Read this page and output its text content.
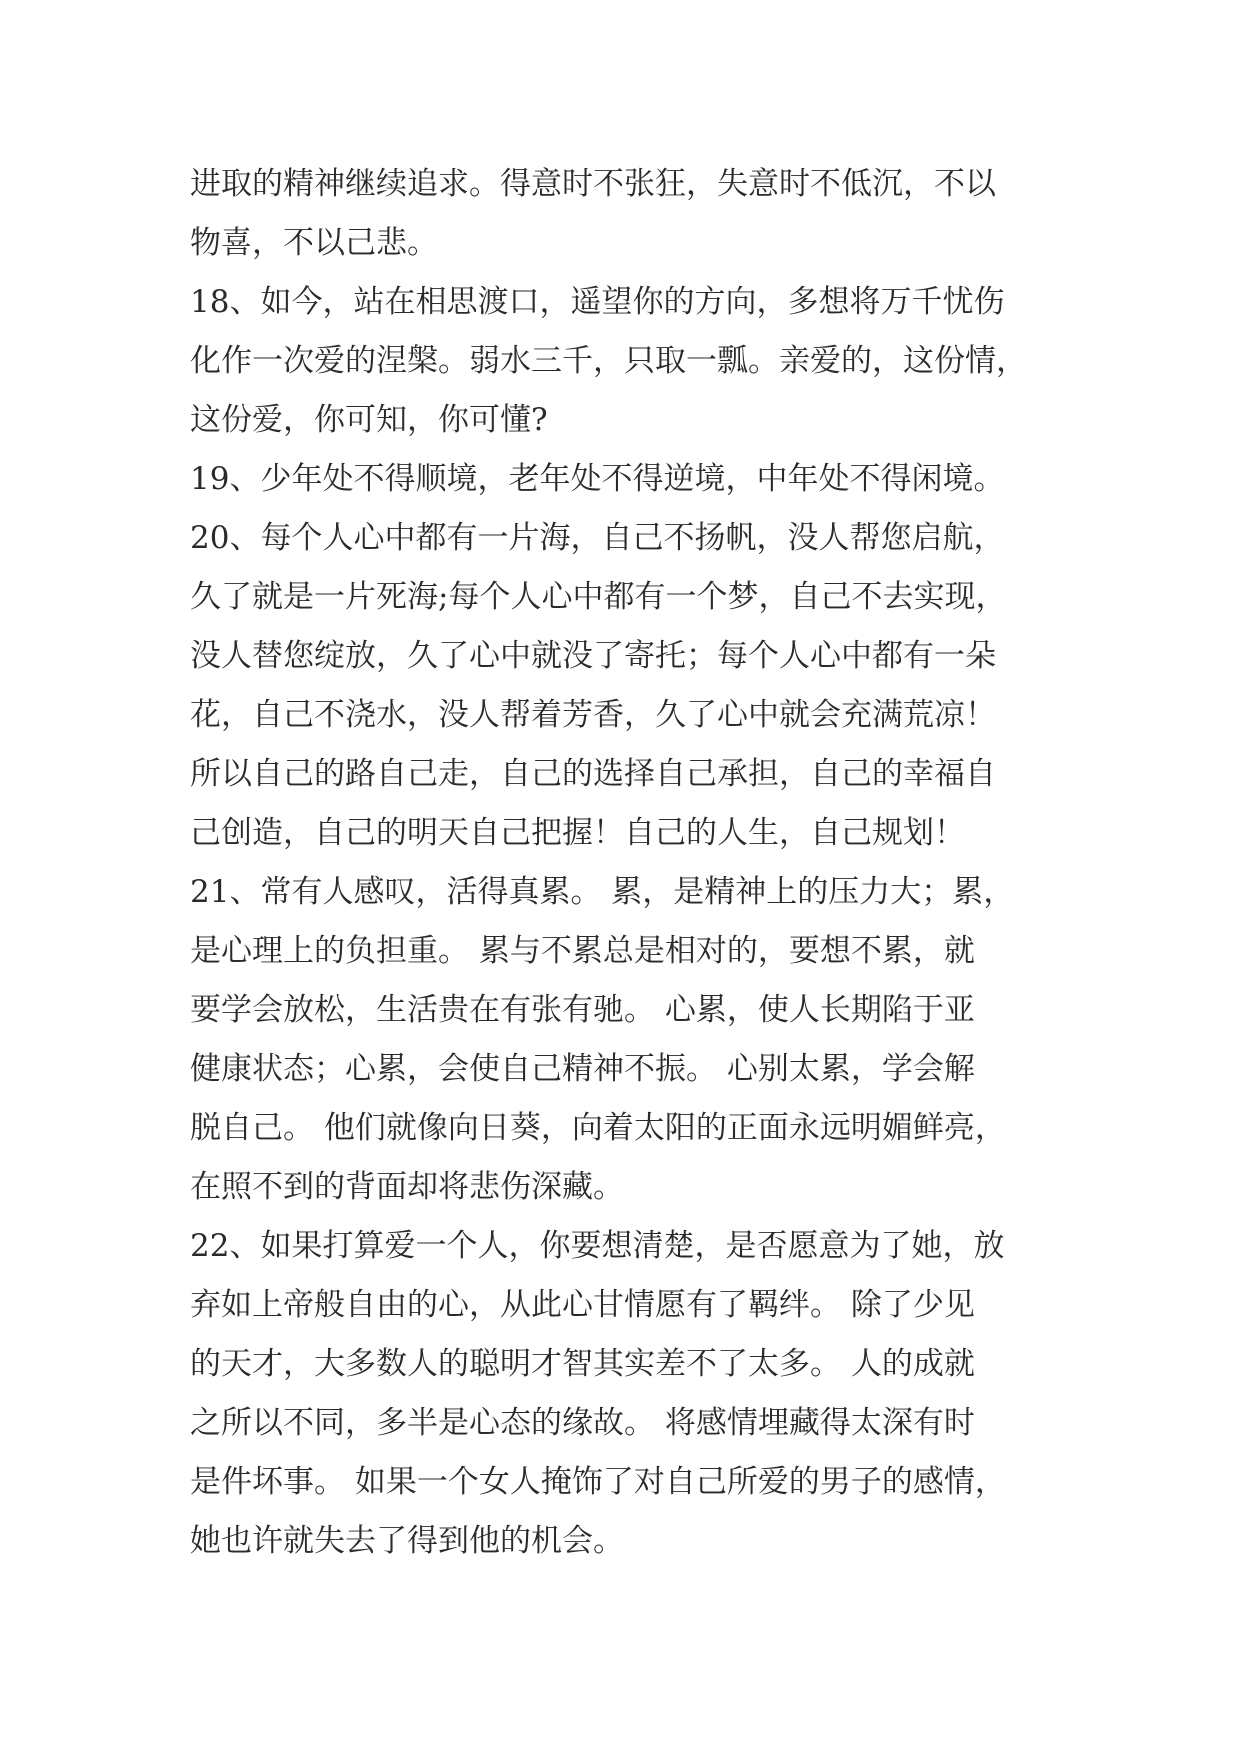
进取的精神继续追求。得意时不张狂，失意时不低沉，不以
物喜，不以己悲。
18、如今，站在相思渡口，遥望你的方向，多想将万千忧伤
化作一次爱的涅槃。弱水三千，只取一瓢。亲爱的，这份情，
这份爱，你可知，你可懂?
19、少年处不得顺境，老年处不得逆境，中年处不得闲境。
20、每个人心中都有一片海，自己不扬帆，没人帮您启航，
久了就是一片死海;每个人心中都有一个梦，自己不去实现，
没人替您绽放，久了心中就没了寄托；每个人心中都有一朵
花，自己不浇水，没人帮着芳香，久了心中就会充满荒凉！
所以自己的路自己走，自己的选择自己承担，自己的幸福自
己创造，自己的明天自己把握！自己的人生，自己规划！
21、常有人感叹，活得真累。 累，是精神上的压力大；累，
是心理上的负担重。 累与不累总是相对的，要想不累，就
要学会放松，生活贵在有张有驰。 心累，使人长期陷于亚
健康状态；心累，会使自己精神不振。 心别太累，学会解
脱自己。 他们就像向日葵，向着太阳的正面永远明媚鲜亮，
在照不到的背面却将悲伤深藏。
22、如果打算爱一个人，你要想清楚，是否愿意为了她，放
弃如上帝般自由的心，从此心甘情愿有了羁绊。 除了少见
的天才，大多数人的聪明才智其实差不了太多。 人的成就
之所以不同，多半是心态的缘故。 将感情埋藏得太深有时
是件坏事。 如果一个女人掩饰了对自己所爱的男子的感情，
她也许就失去了得到他的机会。
